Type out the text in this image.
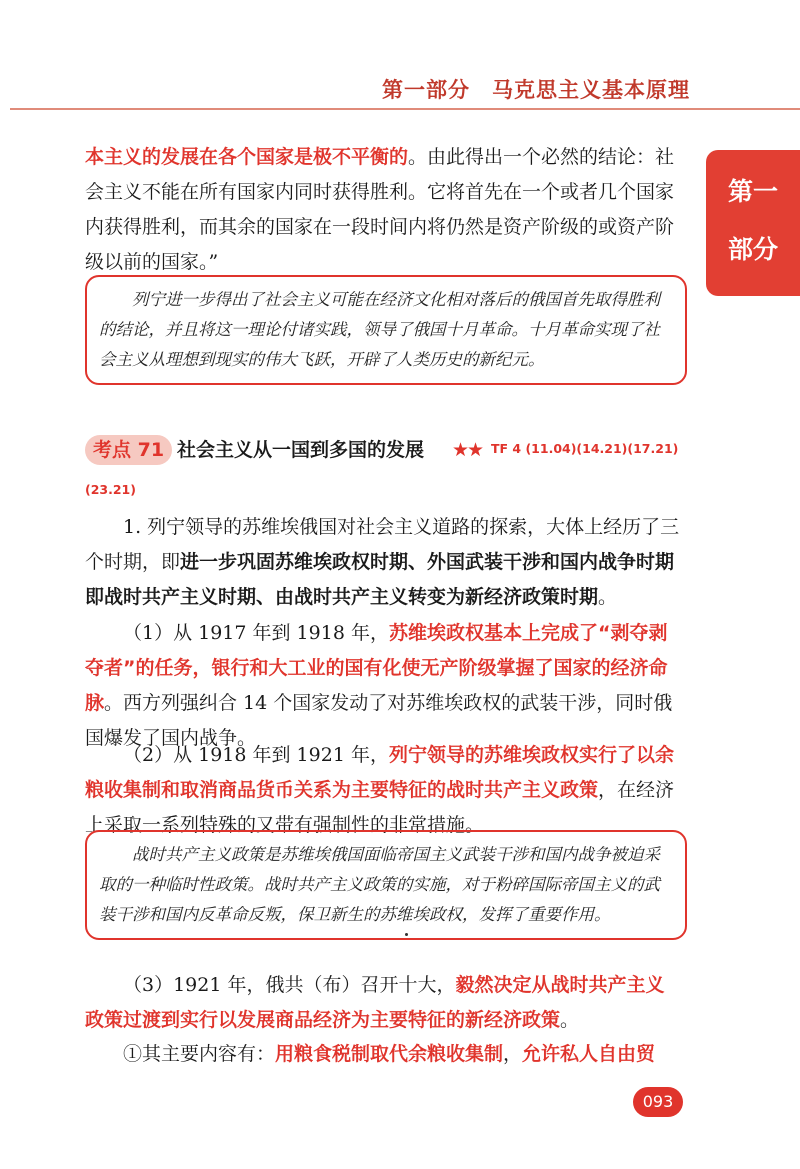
第一部分　马克思主义基本原理
第一
部分

本主义的发展在各个国家是极不平衡的。由此得出一个必然的结论：社会主义不能在所有国家内同时获得胜利。它将首先在一个或者几个国家内获得胜利，而其余的国家在一段时间内将仍然是资产阶级的或资产阶级以前的国家。”

列宁进一步得出了社会主义可能在经济文化相对落后的俄国首先取得胜利的结论，并且将这一理论付诸实践，领导了俄国十月革命。十月革命实现了社会主义从理想到现实的伟大飞跃，开辟了人类历史的新纪元。
考点 71 社会主义从一国到多国的发展 ★★ TF 4 (11.04)(14.21)(17.21)
(23.21)

1. 列宁领导的苏维埃俄国对社会主义道路的探索，大体上经历了三个时期，即进一步巩固苏维埃政权时期、外国武装干涉和国内战争时期即战时共产主义时期、由战时共产主义转变为新经济政策时期。

（1）从 1917 年到 1918 年，苏维埃政权基本上完成了“剥夺剥夺者”的任务，银行和大工业的国有化使无产阶级掌握了国家的经济命脉。西方列强纠合 14 个国家发动了对苏维埃政权的武装干涉，同时俄国爆发了国内战争。

（2）从 1918 年到 1921 年，列宁领导的苏维埃政权实行了以余粮收集制和取消商品货币关系为主要特征的战时共产主义政策，在经济上采取一系列特殊的又带有强制性的非常措施。

战时共产主义政策是苏维埃俄国面临帝国主义武装干涉和国内战争被迫采取的一种临时性政策。战时共产主义政策的实施，对于粉碎国际帝国主义的武装干涉和国内反革命反叛，保卫新生的苏维埃政权，发挥了重要作用。

（3）1921 年，俄共（布）召开十大，毅然决定从战时共产主义政策过渡到实行以发展商品经济为主要特征的新经济政策。

①其主要内容有：用粮食税制取代余粮收集制，允许私人自由贸

093
